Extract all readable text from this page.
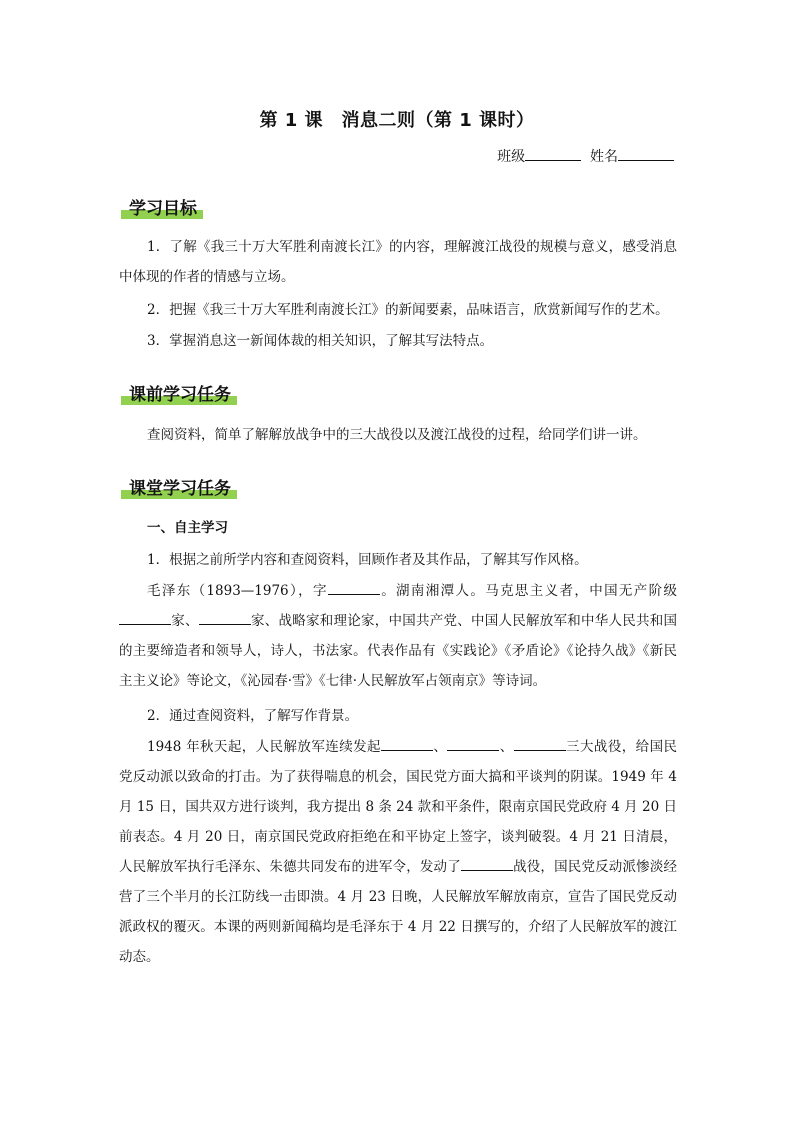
第 1 课　消息二则（第 1 课时）
班级	姓名
学习目标
1．了解《我三十万大军胜利南渡长江》的内容，理解渡江战役的规模与意义，感受消息中体现的作者的情感与立场。
2．把握《我三十万大军胜利南渡长江》的新闻要素，品味语言，欣赏新闻写作的艺术。
3．掌握消息这一新闻体裁的相关知识，了解其写法特点。
课前学习任务
查阅资料，简单了解解放战争中的三大战役以及渡江战役的过程，给同学们讲一讲。
课堂学习任务
一、自主学习
1．根据之前所学内容和查阅资料，回顾作者及其作品，了解其写作风格。
毛泽东（1893—1976），字	。湖南湘潭人。马克思主义者，中国无产阶级家、	家、战略家和理论家，中国共产党、中国人民解放军和中华人民共和国的主要缔造者和领导人，诗人，书法家。代表作品有《实践论》《矛盾论》《论持久战》《新民主主义论》等论文，《沁园春·雪》《七律·人民解放军占领南京》等诗词。
2．通过查阅资料，了解写作背景。
1948 年秋天起，人民解放军连续发起	、	、	三大战役，给国民党反动派以致命的打击。为了获得喘息的机会，国民党方面大搞和平谈判的阴谋。1949 年 4 月 15 日，国共双方进行谈判，我方提出 8 条 24 款和平条件，限南京国民党政府 4 月 20 日前表态。4 月 20 日，南京国民党政府拒绝在和平协定上签字，谈判破裂。4 月 21 日清晨，人民解放军执行毛泽东、朱德共同发布的进军令，发动了	战役，国民党反动派惨淡经营了三个半月的长江防线一击即溃。4 月 23 日晚，人民解放军解放南京，宣告了国民党反动派政权的覆灭。本课的两则新闻稿均是毛泽东于 4 月 22 日撰写的，介绍了人民解放军的渡江动态。
